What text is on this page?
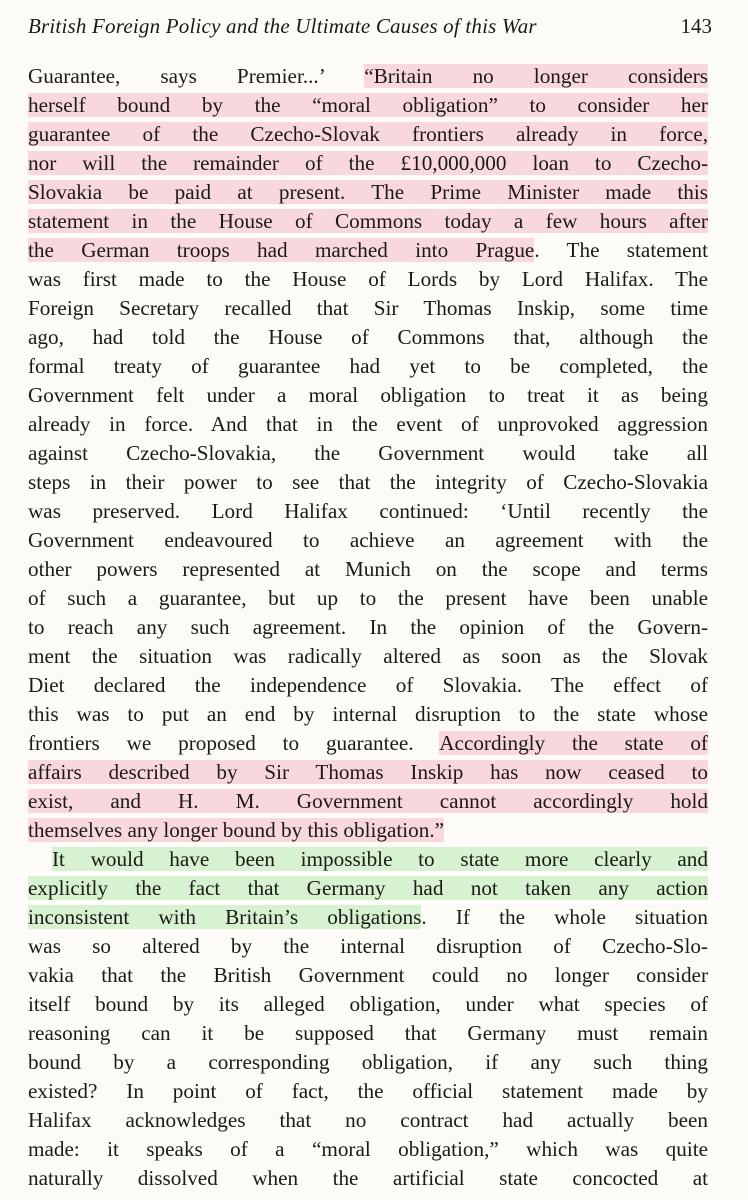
British Foreign Policy and the Ultimate Causes of this War	143
Guarantee, says Premier...’ “Britain no longer considers
herself bound by the “moral obligation” to consider her
guarantee of the Czecho-Slovak frontiers already in force,
nor will the remainder of the £10,000,000 loan to Czecho-
Slovakia be paid at present. The Prime Minister made this
statement in the House of Commons today a few hours after
the German troops had marched into Prague. The statement
was first made to the House of Lords by Lord Halifax. The
Foreign Secretary recalled that Sir Thomas Inskip, some time
ago, had told the House of Commons that, although the
formal treaty of guarantee had yet to be completed, the
Government felt under a moral obligation to treat it as being
already in force. And that in the event of unprovoked aggression
against Czecho-Slovakia, the Government would take all
steps in their power to see that the integrity of Czecho-Slovakia
was preserved. Lord Halifax continued: ‘Until recently the
Government endeavoured to achieve an agreement with the
other powers represented at Munich on the scope and terms
of such a guarantee, but up to the present have been unable
to reach any such agreement. In the opinion of the Govern-
ment the situation was radically altered as soon as the Slovak
Diet declared the independence of Slovakia. The effect of
this was to put an end by internal disruption to the state whose
frontiers we proposed to guarantee. Accordingly the state of
affairs described by Sir Thomas Inskip has now ceased to
exist, and H. M. Government cannot accordingly hold
themselves any longer bound by this obligation.”
It would have been impossible to state more clearly and
explicitly the fact that Germany had not taken any action
inconsistent with Britain’s obligations. If the whole situation
was so altered by the internal disruption of Czecho-Slo-
vakia that the British Government could no longer consider
itself bound by its alleged obligation, under what species of
reasoning can it be supposed that Germany must remain
bound by a corresponding obligation, if any such thing
existed? In point of fact, the official statement made by
Halifax acknowledges that no contract had actually been
made: it speaks of a “moral obligation,” which was quite
naturally dissolved when the artificial state concocted at
